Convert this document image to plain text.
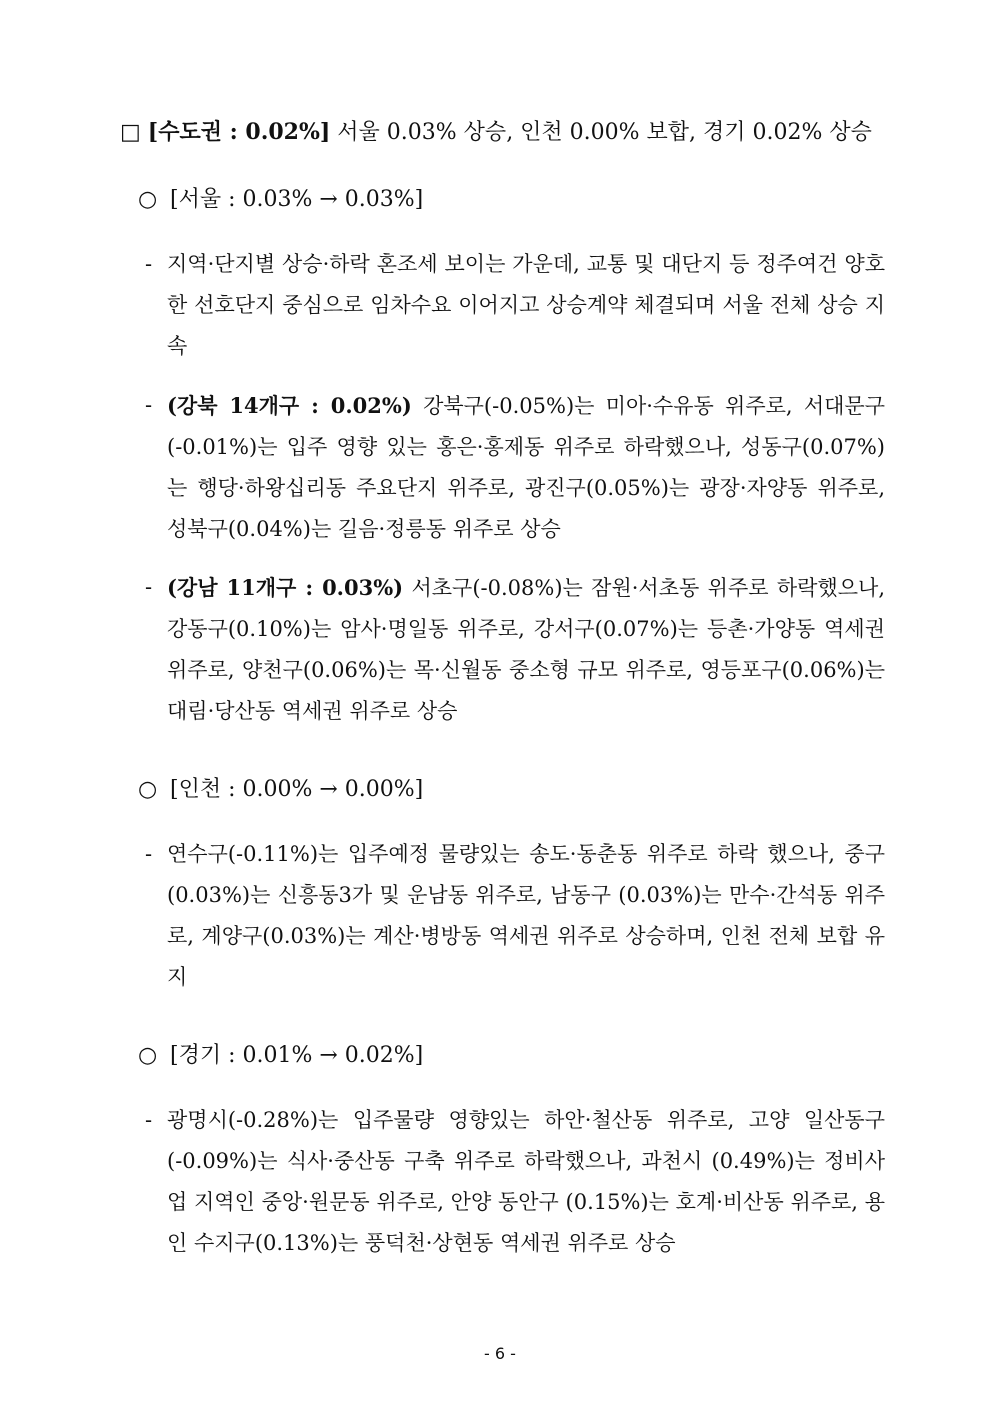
□ [수도권 : 0.02%] 서울 0.03% 상승, 인천 0.00% 보합, 경기 0.02% 상승
○ [서울 : 0.03% → 0.03%]
- 지역·단지별 상승·하락 혼조세 보이는 가운데, 교통 및 대단지 등 정주여건 양호한 선호단지 중심으로 임차수요 이어지고 상승계약 체결되며 서울 전체 상승 지속
- (강북 14개구 : 0.02%) 강북구(-0.05%)는 미아·수유동 위주로, 서대문구(-0.01%)는 입주 영향 있는 홍은·홍제동 위주로 하락했으나, 성동구(0.07%)는 행당·하왕십리동 주요단지 위주로, 광진구(0.05%)는 광장·자양동 위주로, 성북구(0.04%)는 길음·정릉동 위주로 상승
- (강남 11개구 : 0.03%) 서초구(-0.08%)는 잠원·서초동 위주로 하락했으나, 강동구(0.10%)는 암사·명일동 위주로, 강서구(0.07%)는 등촌·가양동 역세권 위주로, 양천구(0.06%)는 목·신월동 중소형 규모 위주로, 영등포구(0.06%)는 대림·당산동 역세권 위주로 상승
○ [인천 : 0.00% → 0.00%]
- 연수구(-0.11%)는 입주예정 물량있는 송도·동춘동 위주로 하락 했으나, 중구(0.03%)는 신흥동3가 및 운남동 위주로, 남동구 (0.03%)는 만수·간석동 위주로, 계양구(0.03%)는 계산·병방동 역세권 위주로 상승하며, 인천 전체 보합 유지
○ [경기 : 0.01% → 0.02%]
- 광명시(-0.28%)는 입주물량 영향있는 하안·철산동 위주로, 고양 일산동구(-0.09%)는 식사·중산동 구축 위주로 하락했으나, 과천시 (0.49%)는 정비사업 지역인 중앙·원문동 위주로, 안양 동안구 (0.15%)는 호계·비산동 위주로, 용인 수지구(0.13%)는 풍덕천·상현동 역세권 위주로 상승
- 6 -
